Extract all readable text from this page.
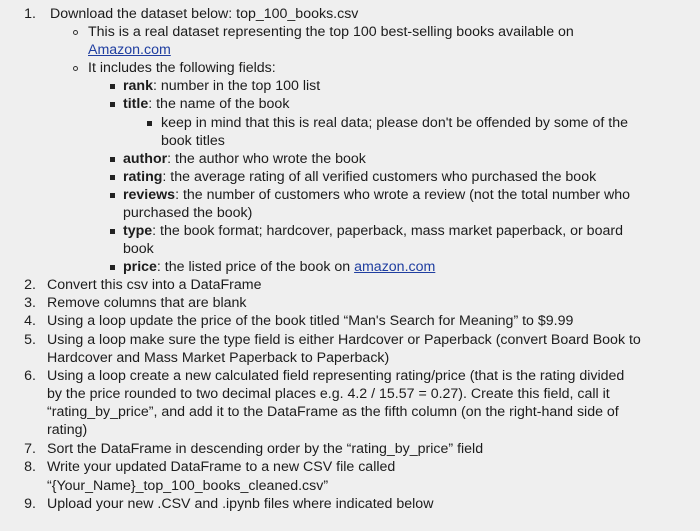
1. Download the dataset below: top_100_books.csv
This is a real dataset representing the top 100 best-selling books available on
Amazon.com
It includes the following fields:
rank: number in the top 100 list
title: the name of the book
keep in mind that this is real data; please don't be offended by some of the
book titles
author: the author who wrote the book
rating: the average rating of all verified customers who purchased the book
reviews: the number of customers who wrote a review (not the total number who
purchased the book)
type: the book format; hardcover, paperback, mass market paperback, or board
book
price: the listed price of the book on amazon.com
2. Convert this csv into a DataFrame
3. Remove columns that are blank
4. Using a loop update the price of the book titled “Man's Search for Meaning” to $9.99
5. Using a loop make sure the type field is either Hardcover or Paperback (convert Board Book to
Hardcover and Mass Market Paperback to Paperback)
6. Using a loop create a new calculated field representing rating/price (that is the rating divided
by the price rounded to two decimal places e.g. 4.2 / 15.57 = 0.27). Create this field, call it
“rating_by_price”, and add it to the DataFrame as the fifth column (on the right-hand side of
rating)
7. Sort the DataFrame in descending order by the “rating_by_price” field
8. Write your updated DataFrame to a new CSV file called
“{Your_Name}_top_100_books_cleaned.csv”
9. Upload your new .CSV and .ipynb files where indicated below
